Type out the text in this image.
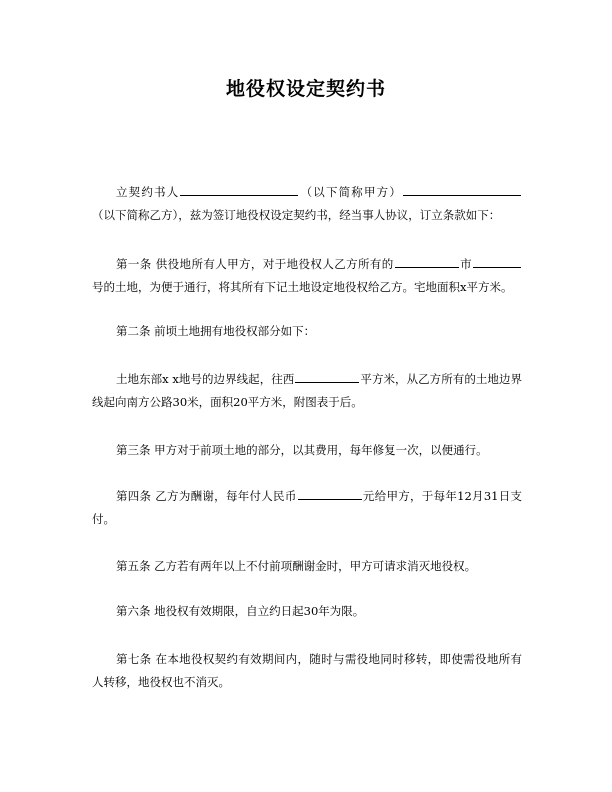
地役权设定契约书
立契约书人	（以下简称甲方）（以下简称乙方），兹为签订地役权设定契约书，经当事人协议，订立条款如下：
第一条 供役地所有人甲方，对于地役权人乙方所有的	市号的土地，为便于通行，将其所有下记土地设定地役权给乙方。宅地面积x平方米。
第二条 前顷土地拥有地役权部分如下：
土地东部x x地号的边界线起，往西	平方米，从乙方所有的土地边界线起向南方公路30米，面积20平方米，附图表于后。
第三条 甲方对于前项土地的部分，以其费用，每年修复一次，以便通行。
第四条 乙方为酬谢，每年付人民币	元给甲方，于每年12月31日支付。
第五条 乙方若有两年以上不付前项酬谢金时，甲方可请求消灭地役权。
第六条 地役权有效期限，自立约日起30年为限。
第七条 在本地役权契约有效期间内，随时与需役地同时移转，即使需役地所有人转移，地役权也不消灭。
